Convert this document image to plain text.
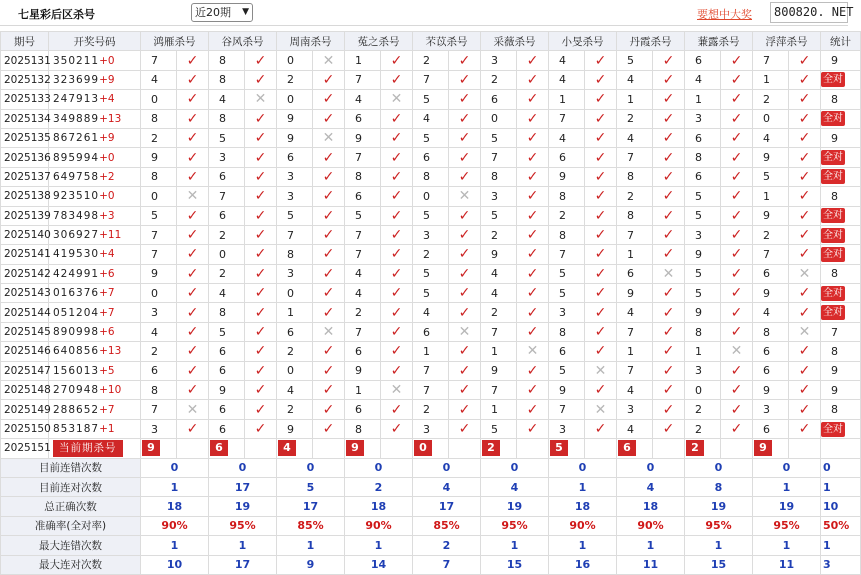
七星彩后区杀号	近20期 ▼	要想中大奖	800820. NET
期号	开奖号码	鸿雁杀号		谷风杀号		周南杀号		菟之杀号		芣苡杀号		采薇杀号		小旻杀号		丹霞杀号		蒹露杀号		浮萍杀号		统计
2025131	350211+0	7	✓	8	✓	0	✕	1	✓	2	✓	3	✓	4	✓	5	✓	6	✓	7	✓	9
2025132	323699+9	4	✓	8	✓	2	✓	7	✓	7	✓	2	✓	4	✓	4	✓	4	✓	1	✓	全对
2025133	247913+4	0	✓	4	✕	0	✓	4	✕	5	✓	6	✓	1	✓	1	✓	1	✓	2	✓	8
2025134	349889+13	8	✓	8	✓	9	✓	6	✓	4	✓	0	✓	7	✓	2	✓	3	✓	0	✓	全对
2025135	867261+9	2	✓	5	✓	9	✕	9	✓	5	✓	5	✓	4	✓	4	✓	6	✓	4	✓	9
2025136	895994+0	9	✓	3	✓	6	✓	7	✓	6	✓	7	✓	6	✓	7	✓	8	✓	9	✓	全对
2025137	649758+2	8	✓	6	✓	3	✓	8	✓	8	✓	8	✓	9	✓	8	✓	6	✓	5	✓	全对
2025138	923510+0	0	✕	7	✓	3	✓	6	✓	0	✕	3	✓	8	✓	2	✓	5	✓	1	✓	8
2025139	783498+3	5	✓	6	✓	5	✓	5	✓	5	✓	5	✓	2	✓	8	✓	5	✓	9	✓	全对
2025140	306927+11	7	✓	2	✓	7	✓	7	✓	3	✓	2	✓	8	✓	7	✓	3	✓	2	✓	全对
2025141	419530+4	7	✓	0	✓	8	✓	7	✓	2	✓	9	✓	7	✓	1	✓	9	✓	7	✓	全对
2025142	424991+6	9	✓	2	✓	3	✓	4	✓	5	✓	4	✓	5	✓	6	✕	5	✓	6	✕	8
2025143	016376+7	0	✓	4	✓	0	✓	4	✓	5	✓	4	✓	5	✓	9	✓	5	✓	9	✓	全对
2025144	051204+7	3	✓	8	✓	1	✓	2	✓	4	✓	2	✓	3	✓	4	✓	9	✓	4	✓	全对
2025145	890998+6	4	✓	5	✓	6	✕	7	✓	6	✕	7	✓	8	✓	7	✓	8	✓	8	✕	7
2025146	640856+13	2	✓	6	✓	2	✓	6	✓	1	✓	1	✕	6	✓	1	✓	1	✕	6	✓	8
2025147	156013+5	6	✓	6	✓	0	✓	9	✓	7	✓	9	✓	5	✕	7	✓	3	✓	6	✓	9
2025148	270948+10	8	✓	9	✓	4	✓	1	✕	7	✓	7	✓	9	✓	4	✓	0	✓	9	✓	9
2025149	288652+7	7	✕	6	✓	2	✓	6	✓	2	✓	1	✓	7	✕	3	✓	2	✓	3	✓	8
2025150	853187+1	3	✓	6	✓	9	✓	8	✓	3	✓	5	✓	3	✓	4	✓	2	✓	6	✓	全对
2025151	当前期杀号	9		6		4		9		0		2		5		6		2		9		
目前连错次数		0		0		0		0		0		0		0		0		0		0		0
目前连对次数		1		17		5		2		4		4		1		4		8		1		1
总正确次数		18		19		17		18		17		19		18		18		19		19		10
准确率(全对率)		90%		95%		85%		90%		85%		95%		90%		90%		95%		95%		50%
最大连错次数		1		1		1		1		2		1		1		1		1		1		1
最大连对次数		10		17		9		14		7		15		16		11		15		11		3
